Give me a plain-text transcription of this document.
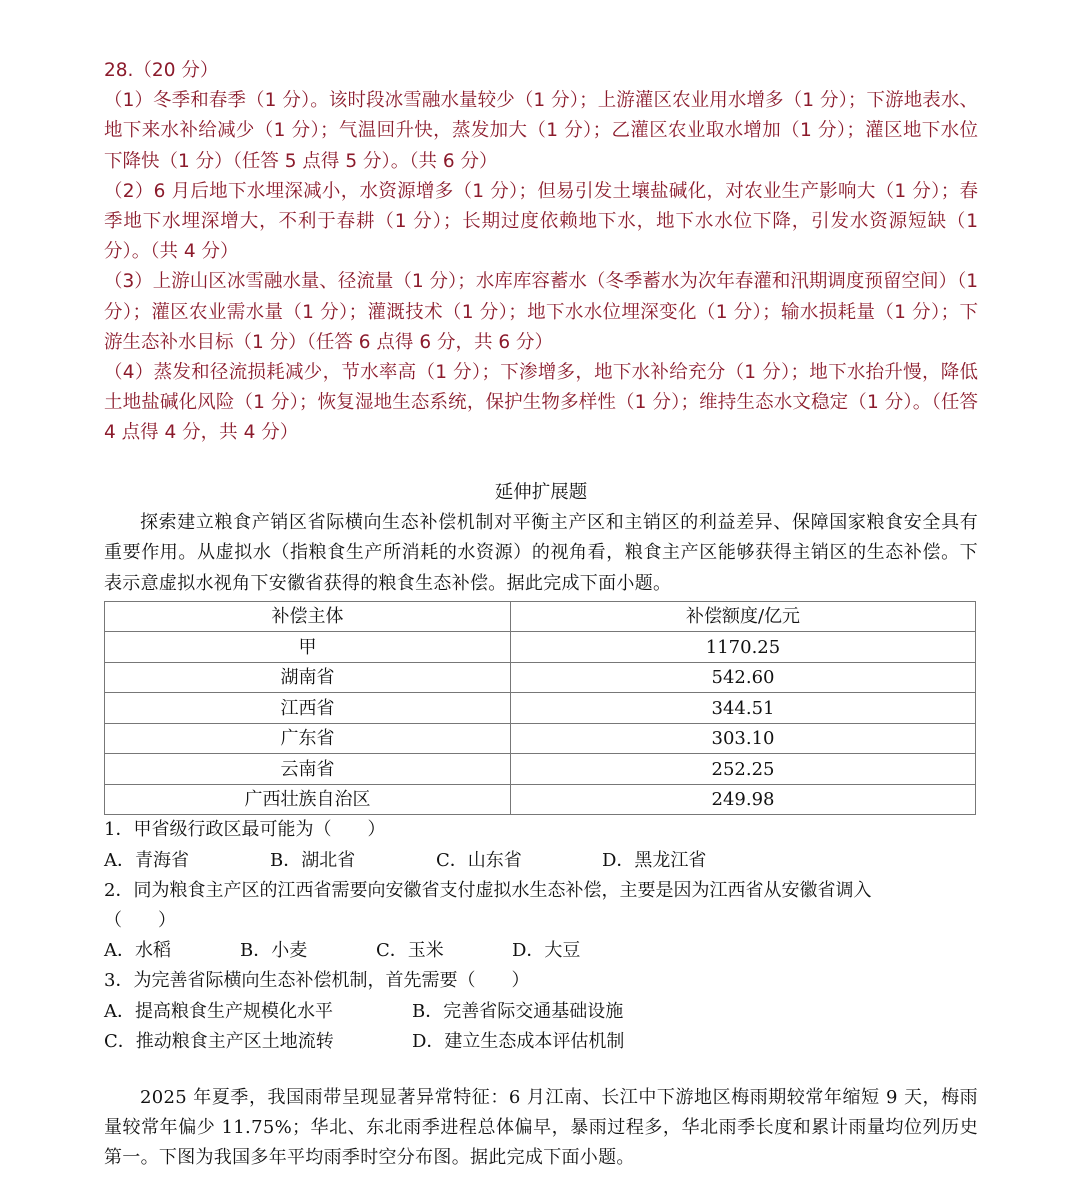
28.（20 分）

（1）冬季和春季（1 分）。该时段冰雪融水量较少（1 分）；上游灌区农业用水增多（1 分）；下游地表水、地下来水补给减少（1 分）；气温回升快，蒸发加大（1 分）；乙灌区农业取水增加（1 分）；灌区地下水位下降快（1 分）（任答 5 点得 5 分）。（共 6 分）

（2）6 月后地下水埋深减小，水资源增多（1 分）；但易引发土壤盐碱化，对农业生产影响大（1 分）；春季地下水埋深增大，不利于春耕（1 分）；长期过度依赖地下水，地下水水位下降，引发水资源短缺（1 分）。（共 4 分）

（3）上游山区冰雪融水量、径流量（1 分）；水库库容蓄水（冬季蓄水为次年春灌和汛期调度预留空间）（1 分）；灌区农业需水量（1 分）；灌溉技术（1 分）；地下水水位埋深变化（1 分）；输水损耗量（1 分）；下游生态补水目标（1 分）（任答 6 点得 6 分，共 6 分）

（4）蒸发和径流损耗减少，节水率高（1 分）；下渗增多，地下水补给充分（1 分）；地下水抬升慢，降低土地盐碱化风险（1 分）；恢复湿地生态系统，保护生物多样性（1 分）；维持生态水文稳定（1 分）。（任答 4 点得 4 分，共 4 分）

延伸扩展题

探索建立粮食产销区省际横向生态补偿机制对平衡主产区和主销区的利益差异、保障国家粮食安全具有重要作用。从虚拟水（指粮食生产所消耗的水资源）的视角看，粮食主产区能够获得主销区的生态补偿。下表示意虚拟水视角下安徽省获得的粮食生态补偿。据此完成下面小题。

补偿主体	补偿额度/亿元
甲	1170.25
湖南省	542.60
江西省	344.51
广东省	303.10
云南省	252.25
广西壮族自治区	249.98

1．甲省级行政区最可能为（　　）

A．青海省	B．湖北省	C．山东省	D．黑龙江省

2．同为粮食主产区的江西省需要向安徽省支付虚拟水生态补偿，主要是因为江西省从安徽省调入

（　　）

A．水稻	B．小麦	C．玉米	D．大豆

3．为完善省际横向生态补偿机制，首先需要（　　）

A．提高粮食生产规模化水平	B．完善省际交通基础设施

C．推动粮食主产区土地流转	D．建立生态成本评估机制

2025 年夏季，我国雨带呈现显著异常特征：6 月江南、长江中下游地区梅雨期较常年缩短 9 天，梅雨量较常年偏少 11.75%；华北、东北雨季进程总体偏早，暴雨过程多，华北雨季长度和累计雨量均位列历史第一。下图为我国多年平均雨季时空分布图。据此完成下面小题。
